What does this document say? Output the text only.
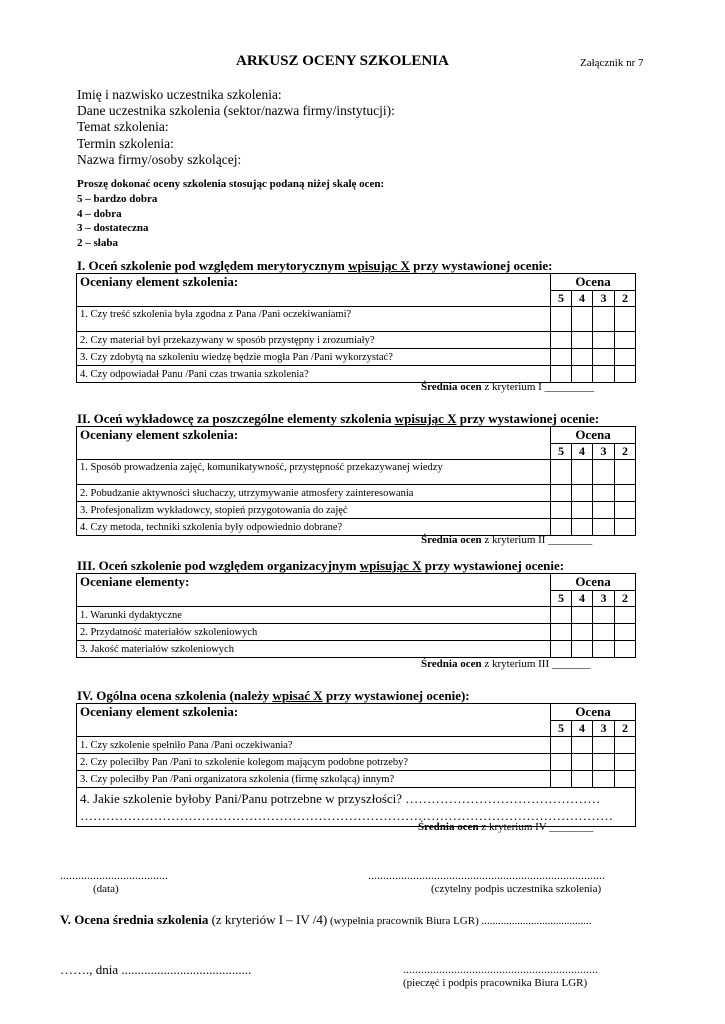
ARKUSZ OCENY SZKOLENIA	Załącznik nr 7
Imię i nazwisko uczestnika szkolenia:
Dane uczestnika szkolenia (sektor/nazwa firmy/instytucji):
Temat szkolenia:
Termin szkolenia:
Nazwa firmy/osoby szkolącej:
Proszę dokonać oceny szkolenia stosując podaną niżej skalę ocen:
5 – bardzo dobra
4 – dobra
3 – dostateczna
2 – słaba
I. Oceń szkolenie pod względem merytorycznym wpisując X przy wystawionej ocenie:
Oceniany element szkolenia:	Ocena			
	5	4	3	2
1. Czy treść szkolenia była zgodna z Pana /Pani oczekiwaniami?				
2. Czy materiał był przekazywany w sposób przystępny i zrozumiały?				
3. Czy zdobytą na szkoleniu wiedzę będzie mogła Pan /Pani wykorzystać?				
4. Czy odpowiadał Panu /Pani czas trwania szkolenia?				
Średnia ocen z kryterium I _________
II. Oceń wykładowcę za poszczególne elementy szkolenia wpisując X przy wystawionej ocenie:
Oceniany element szkolenia:	Ocena			
	5	4	3	2
1. Sposób prowadzenia zajęć, komunikatywność, przystępność przekazywanej wiedzy				
2. Pobudzanie aktywności słuchaczy, utrzymywanie atmosfery zainteresowania				
3. Profesjonalizm wykładowcy, stopień przygotowania do zajęć				
4. Czy metoda, techniki szkolenia były odpowiednio dobrane?				
Średnia ocen z kryterium II ________
III. Oceń szkolenie pod względem organizacyjnym wpisując X przy wystawionej ocenie:
Oceniane elementy:	Ocena			
	5	4	3	2
1. Warunki dydaktyczne				
2. Przydatność materiałów szkoleniowych				
3. Jakość materiałów szkoleniowych				
Średnia ocen z kryterium III _______
IV. Ogólna ocena szkolenia (należy wpisać X przy wystawionej ocenie):
Oceniany element szkolenia:	Ocena			
	5	4	3	2
1. Czy szkolenie spełniło Pana /Pani oczekiwania?				
2. Czy poleciłby Pan /Pani to szkolenie kolegom mającym podobne potrzeby?				
3. Czy poleciłby Pan /Pani organizatora szkolenia (firmę szkolącą) innym?				

4. Jakie szkolenie byłoby Pani/Panu potrzebne w przyszłości? ………………………………………
……………………………………………………………………………………………………………				
Średnia ocen z kryterium IV ________
....................................
(data)
...............................................................................
(czytelny podpis uczestnika szkolenia)
V. Ocena średnia szkolenia (z kryteriów I – IV /4) (wypełnia pracownik Biura LGR) ........................................
……., dnia ........................................	.................................................................
(pieczęć i podpis pracownika Biura LGR)
